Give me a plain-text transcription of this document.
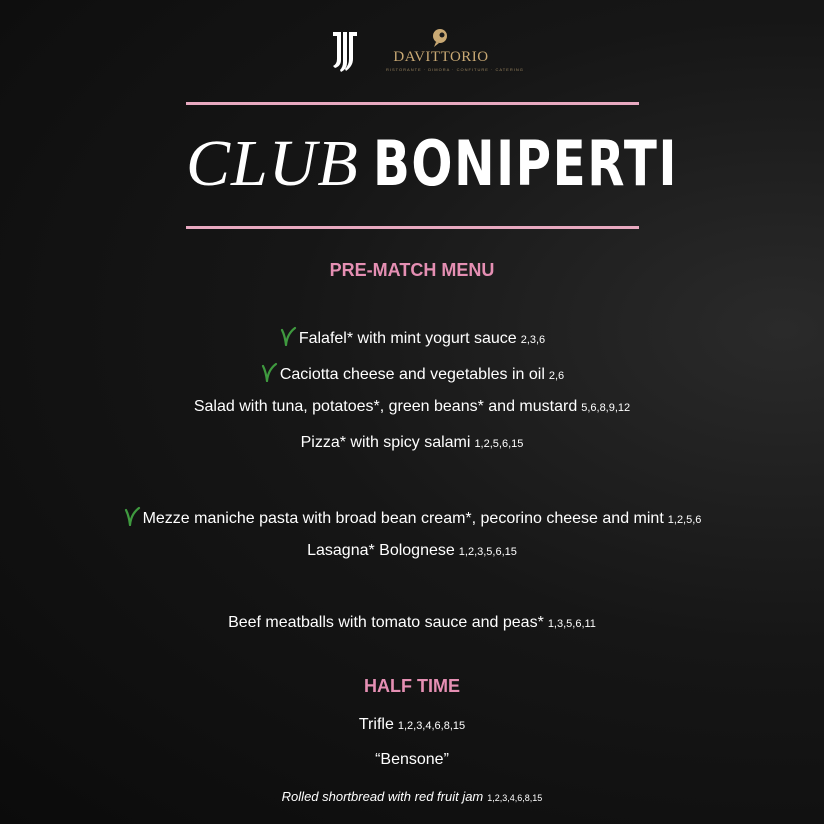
DAVITTORIO
RISTORANTE · DIMORA · CONFITURE · CATERING
CLUB BONIPERTI
PRE-MATCH MENU
Falafel* with mint yogurt sauce 2,3,6
Caciotta cheese and vegetables in oil 2,6
Salad with tuna, potatoes*, green beans* and mustard 5,6,8,9,12
Pizza* with spicy salami 1,2,5,6,15
Mezze maniche pasta with broad bean cream*, pecorino cheese and mint 1,2,5,6
Lasagna* Bolognese 1,2,3,5,6,15
Beef meatballs with tomato sauce and peas* 1,3,5,6,11
HALF TIME
Trifle 1,2,3,4,6,8,15
“Bensone”
Rolled shortbread with red fruit jam 1,2,3,4,6,8,15
